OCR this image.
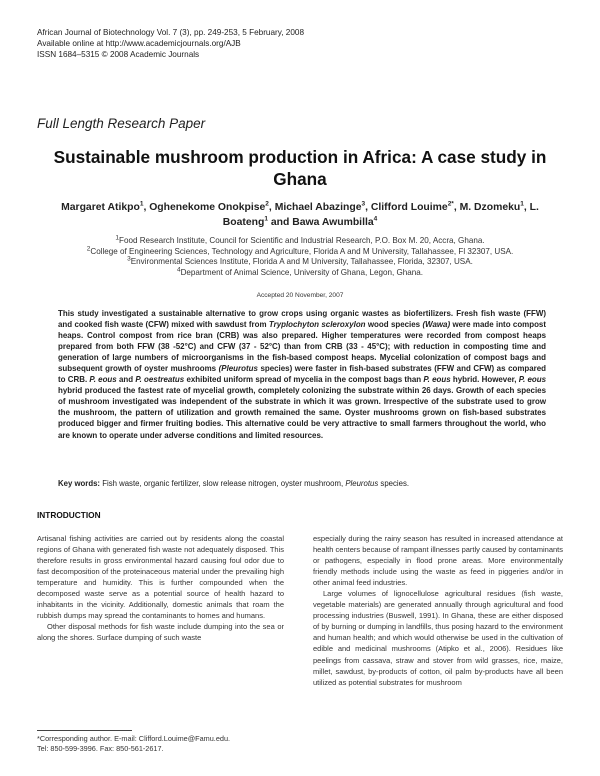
African Journal of Biotechnology Vol. 7 (3), pp. 249-253, 5 February, 2008
Available online at http://www.academicjournals.org/AJB
ISSN 1684–5315 © 2008 Academic Journals
Full Length Research Paper
Sustainable mushroom production in Africa: A case study in Ghana
Margaret Atikpo$^1$, Oghenekome Onokpise$^2$, Michael Abazinge$^3$, Clifford Louime$^{2*}$, M. Dzomeku$^1$, L. Boateng$^1$ and Bawa Awumbilla$^4$
$^1$Food Research Institute, Council for Scientific and Industrial Research, P.O. Box M. 20, Accra, Ghana.
$^2$College of Engineering Sciences, Technology and Agriculture, Florida A and M University, Tallahassee, Fl 32307, USA.
$^3$Environmental Sciences Institute, Florida A and M University, Tallahassee, Florida, 32307, USA.
$^4$Department of Animal Science, University of Ghana, Legon, Ghana.
Accepted 20 November, 2007
This study investigated a sustainable alternative to grow crops using organic wastes as biofertilizers. Fresh fish waste (FFW) and cooked fish waste (CFW) mixed with sawdust from Tryplochyton scleroxylon wood species (Wawa) were made into compost heaps. Control compost from rice bran (CRB) was also prepared. Higher temperatures were recorded from compost heaps prepared from both FFW (38 -52°C) and CFW (37 - 52°C) than from CRB (33 - 45°C); with reduction in composting time and generation of large numbers of microorganisms in the fish-based compost heaps. Mycelial colonization of compost bags and subsequent growth of oyster mushrooms (Pleurotus species) were faster in fish-based substrates (FFW and CFW) as compared to CRB. P. eous and P. oestreatus exhibited uniform spread of mycelia in the compost bags than P. eous hybrid. However, P. eous hybrid produced the fastest rate of mycelial growth, completely colonizing the substrate within 26 days. Growth of each species of mushroom investigated was independent of the substrate in which it was grown. Irrespective of the substrate used to grow the mushroom, the pattern of utilization and growth remained the same. Oyster mushrooms grown on fish-based substrates produced bigger and firmer fruiting bodies. This alternative could be very attractive to small farmers throughout the world, who are known to operate under adverse conditions and limited resources.
Key words: Fish waste, organic fertilizer, slow release nitrogen, oyster mushroom, Pleurotus species.
INTRODUCTION

Artisanal fishing activities are carried out by residents along the coastal regions of Ghana with generated fish waste not adequately disposed. This therefore results in gross environmental hazard causing foul odor due to fast decomposition of the proteinaceous material under the prevailing high temperature and humidity. This is further compounded when the decomposed waste serve as a potential source of health hazard to inhabitants in the vicinity. Additionally, domestic animals that roam the rubbish dumps may spread the contaminants to homes and humans.

Other disposal methods for fish waste include dumping into the sea or along the shores. Surface dumping of such waste

especially during the rainy season has resulted in increased attendance at health centers because of rampant illnesses partly caused by contaminants or pathogens, especially in flood prone areas. More environmentally friendly methods include using the waste as feed in piggeries and/or in other animal feed industries.

Large volumes of lignocellulose agricultural residues (fish waste, vegetable materials) are generated annually through agricultural and food processing industries (Buswell, 1991). In Ghana, these are either disposed of by burning or dumping in landfills, thus posing hazard to the environment and human health; and which would otherwise be used in the cultivation of edible and medicinal mushrooms (Atipko et al., 2006). Residues like peelings from cassava, straw and stover from wild grasses, rice, maize, millet, sawdust, by-products of cotton, oil palm by-products have all been utilized as potential substrates for mushroom

*Corresponding author. E-mail: Clifford.Louime@Famu.edu.
Tel: 850-599-3996. Fax: 850-561-2617.
